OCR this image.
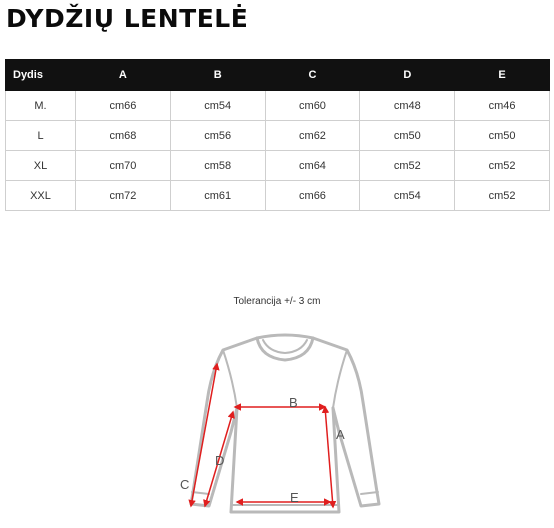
DYDŽIŲ LENTELĖ
Dydis	A	B	C	D	E
M.	cm66	cm54	cm60	cm48	cm46
L	cm68	cm56	cm62	cm50	cm50
XL	cm70	cm58	cm64	cm52	cm52
XXL	cm72	cm61	cm66	cm54	cm52
Tolerancija +/- 3 cm
B
E
A
D
C
